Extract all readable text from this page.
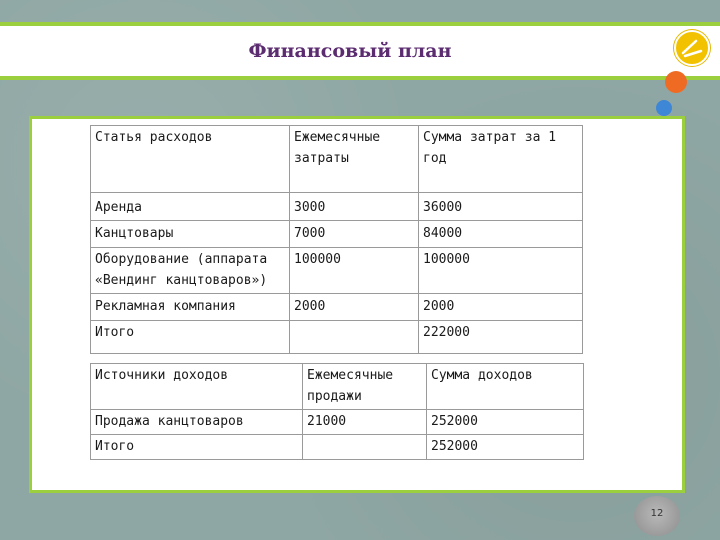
Финансовый план
Статья расходов	Ежемесячные затраты	Сумма затрат за 1 год
Аренда	3000	36000
Канцтовары	7000	84000
Оборудование (аппарата «Вендинг канцтоваров»)	100000	100000
Рекламная компания	2000	2000
Итого		222000
Источники доходов	Ежемесячные продажи	Сумма доходов
Продажа канцтоваров	21000	252000
Итого		252000
12
